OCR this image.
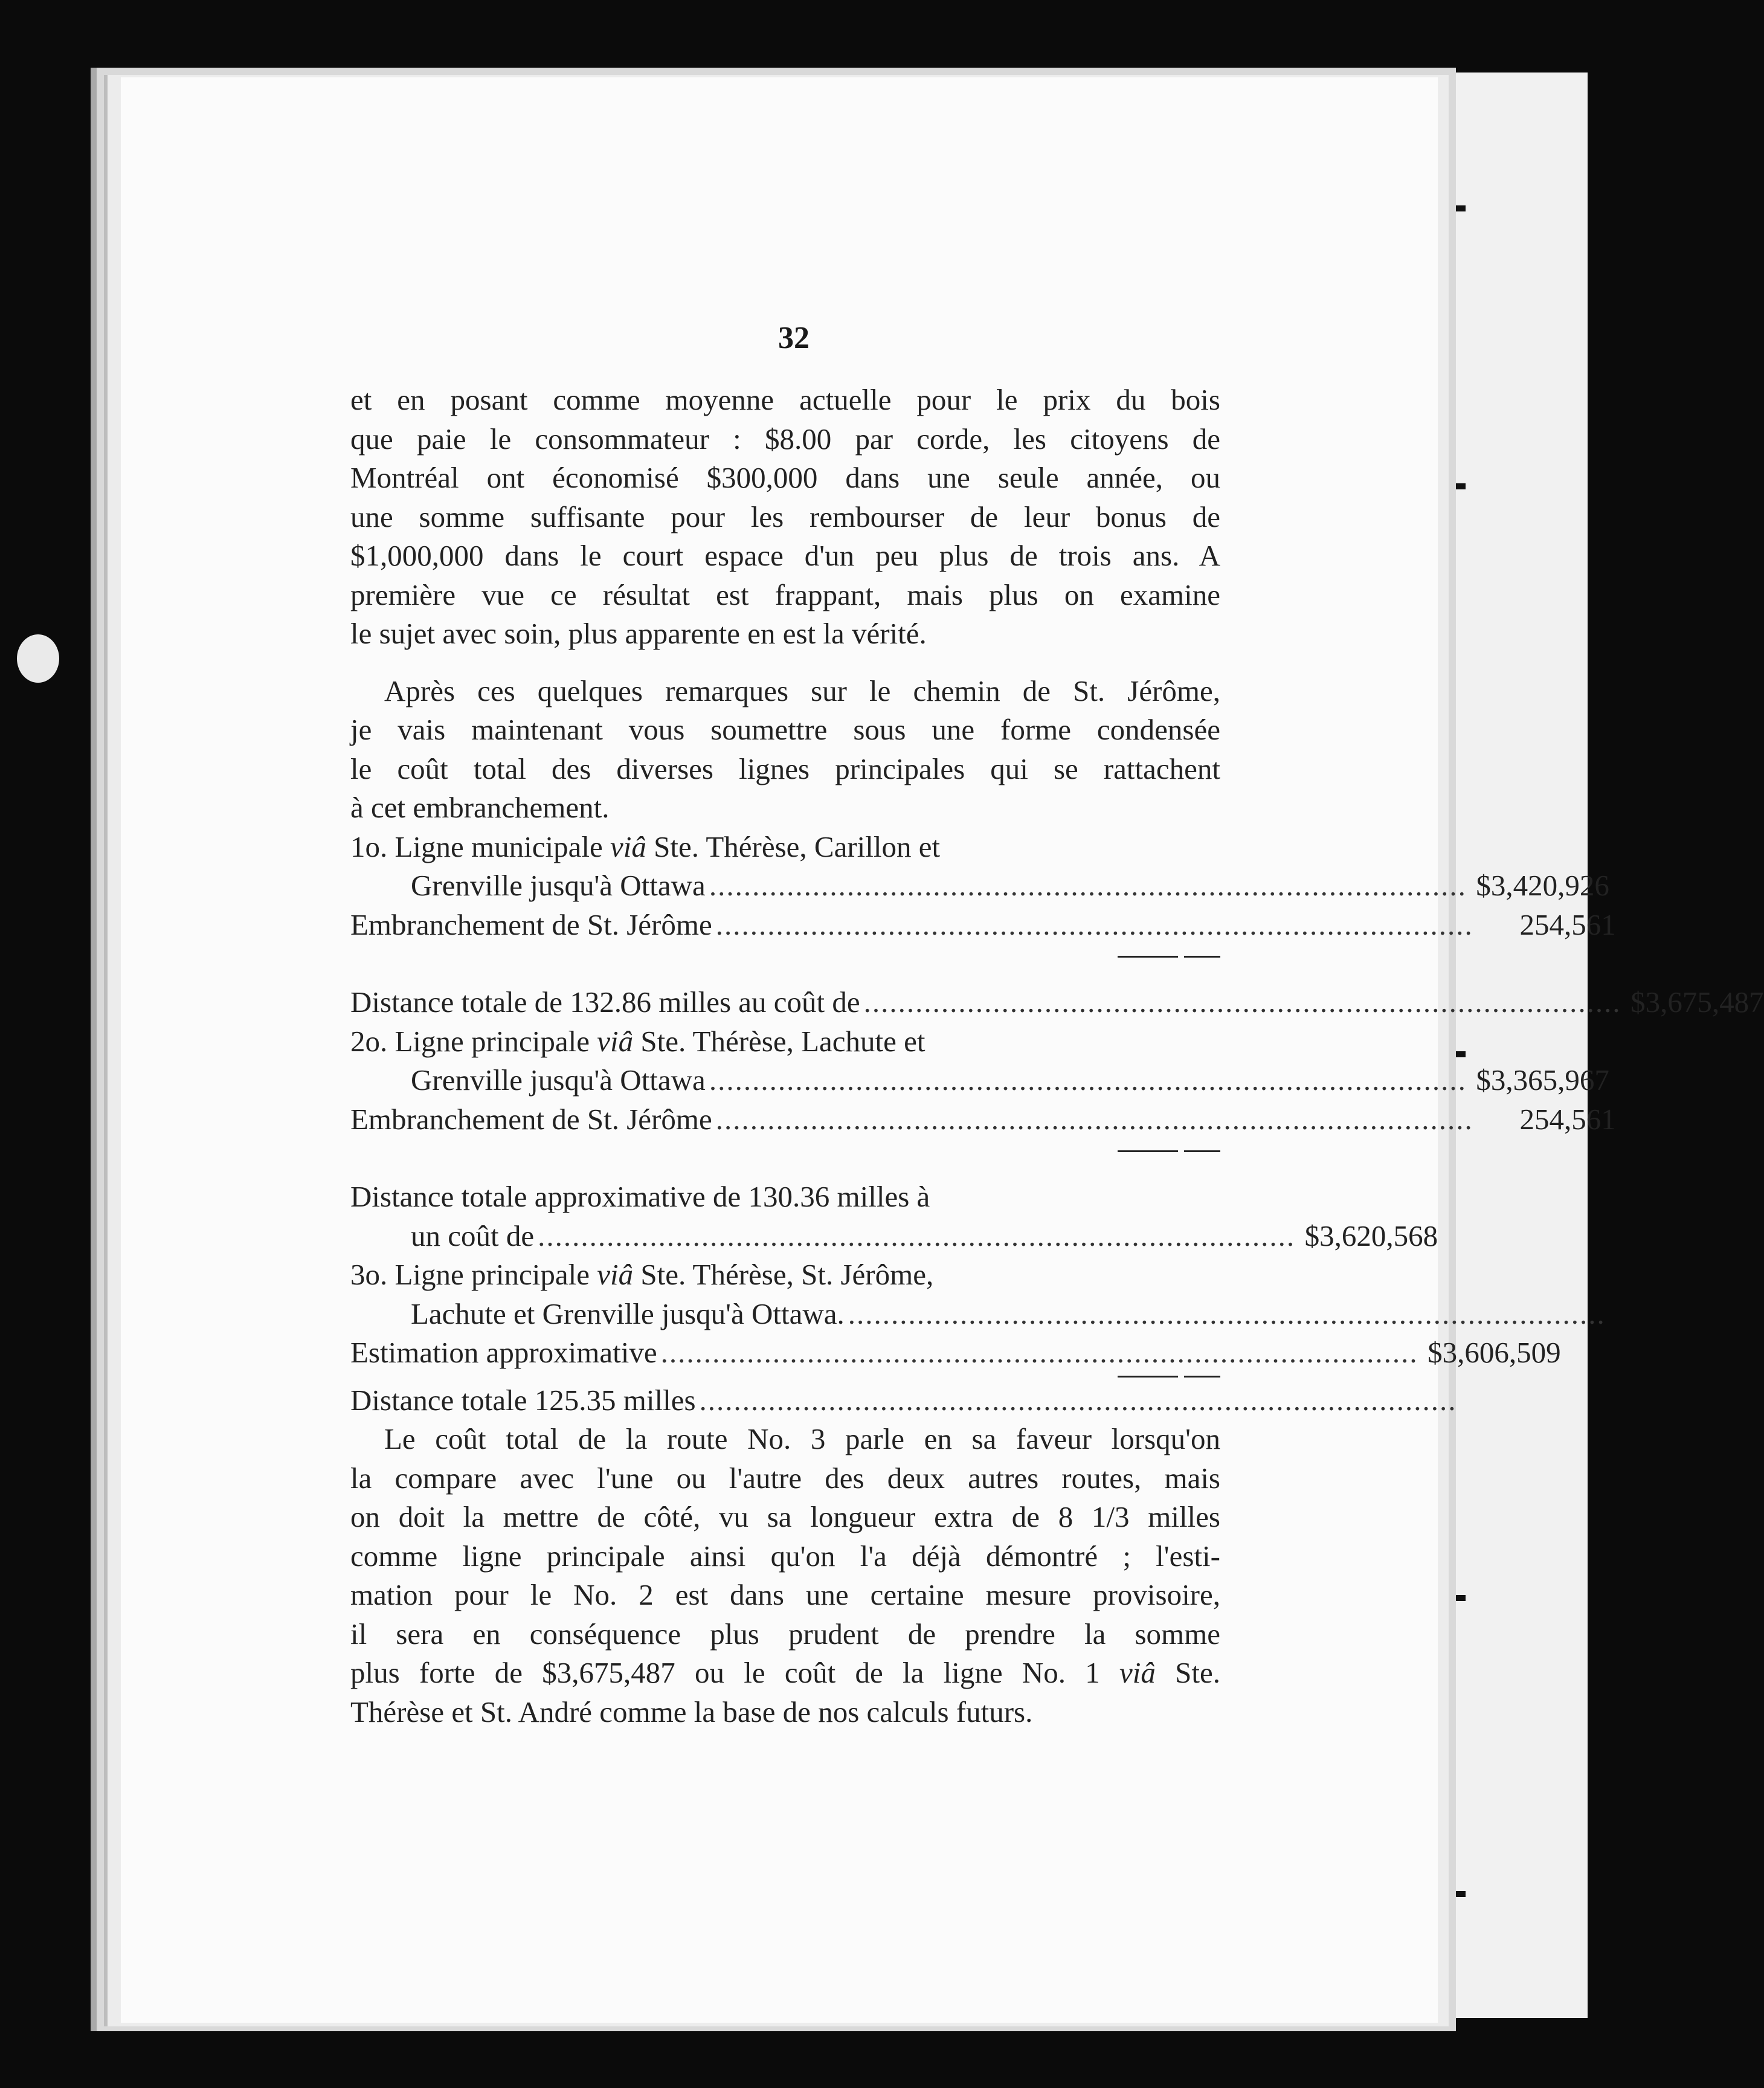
32

et en posant comme moyenne actuelle pour le prix du bois

que paie le consommateur : $8.00 par corde, les citoyens de

Montréal ont économisé $300,000 dans une seule année, ou

une somme suffisante pour les rembourser de leur bonus de

$1,000,000 dans le court espace d'un peu plus de trois ans. A

première vue ce résultat est frappant, mais plus on examine

le sujet avec soin, plus apparente en est la vérité.

Après ces quelques remarques sur le chemin de St. Jérôme,

je vais maintenant vous soumettre sous une forme condensée

le coût total des diverses lignes principales qui se rattachent

à cet embranchement.

1o. Ligne municipale viâ Ste. Thérèse, Carillon et
Grenville jusqu'à Ottawa ........................................................................................ $3,420,926
Embranchement de St. Jérôme ........................................................................................	254,561
Distance totale de 132.86 milles au coût de ........................................................................................ $3,675,487
2o. Ligne principale viâ Ste. Thérèse, Lachute et
Grenville jusqu'à Ottawa ........................................................................................ $3,365,967
Embranchement de St. Jérôme ........................................................................................	254,561
Distance totale approximative de 130.36 milles à
un coût de ........................................................................................ $3,620,568
3o. Ligne principale viâ Ste. Thérèse, St. Jérôme,
Lachute et Grenville jusqu'à Ottawa. ........................................................................................
Estimation approximative ........................................................................................ $3,606,509
Distance totale 125.35 milles ........................................................................................

Le coût total de la route No. 3 parle en sa faveur lorsqu'on

la compare avec l'une ou l'autre des deux autres routes, mais

on doit la mettre de côté, vu sa longueur extra de 8 1/3 milles

comme ligne principale ainsi qu'on l'a déjà démontré ; l'esti-

mation pour le No. 2 est dans une certaine mesure provisoire,

il sera en conséquence plus prudent de prendre la somme

plus forte de $3,675,487 ou le coût de la ligne No. 1 viâ Ste.

Thérèse et St. André comme la base de nos calculs futurs.
